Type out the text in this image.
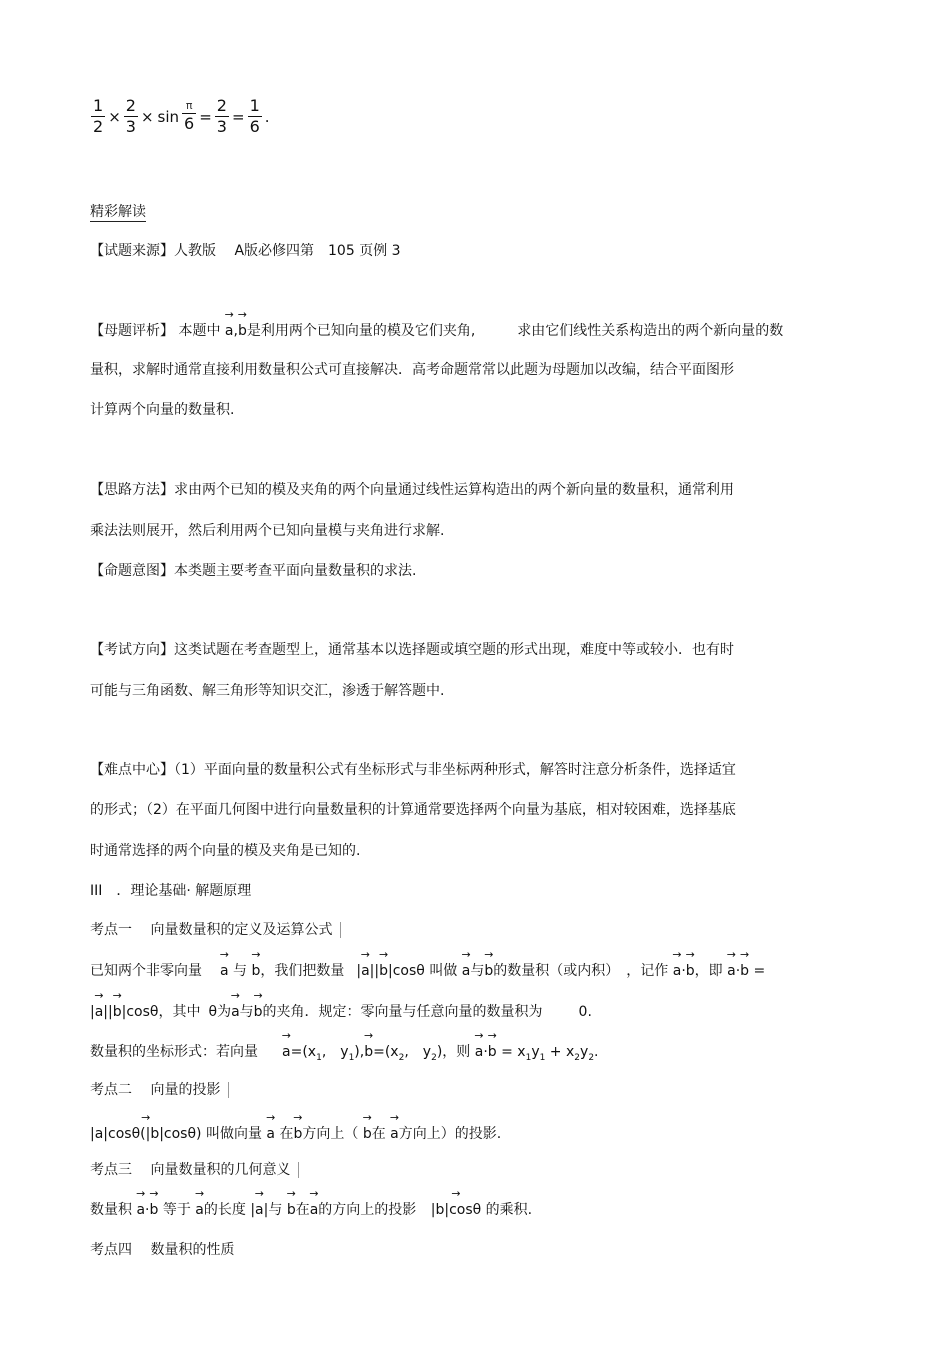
$\frac{1}{2} \times \frac{2}{3} \times \sin \frac{\pi}{6} = \frac{2}{3} = \frac{1}{6}$ .
精彩解读
【试题来源】人教版　 A版必修四第　105 页例 3
【母题评析】 本题中 → a,→ b是利用两个已知向量的模及它们夹角,　　　求由它们线性关系构造出的两个新向量的数
量积，求解时通常直接利用数量积公式可直接解决．高考命题常常以此题为母题加以改编，结合平面图形
计算两个向量的数量积.
【思路方法】求由两个已知的模及夹角的两个向量通过线性运算构造出的两个新向量的数量积，通常利用
乘法法则展开，然后利用两个已知向量模与夹角进行求解.
【命题意图】本类题主要考查平面向量数量积的求法.
【考试方向】这类试题在考查题型上，通常基本以选择题或填空题的形式出现，难度中等或较小．也有时
可能与三角函数、解三角形等知识交汇，渗透于解答题中.
【难点中心】（1）平面向量的数量积公式有坐标形式与非坐标两种形式，解答时注意分析条件，选择适宜
的形式；（2）在平面几何图中进行向量数量积的计算通常要选择两个向量为基底，相对较困难，选择基底
时通常选择的两个向量的模及夹角是已知的.
III　．理论基础· 解题原理
考点一　 向量数量积的定义及运算公式
已知两个非零向量 → a 与 → b，我们把数量 → |a|→ |b|cosθ 叫做 → a与→ b的数量积（或内积）　，记作 → a·→ b，即 → a·→ b =
→ |a|→ |b|cosθ，其中 θ为→ a与→ b的夹角．规定：零向量与任意向量的数量积为	0.
数量积的坐标形式：若向量 → $a=(x_1$,　$y_1),\to b=(x_2$,　$y_2$)，则 → $a\cdot\to b = x_1y_1 + x_2y_2$.
考点二　 向量的投影
→ |a|cosθ(|b|cosθ) 叫做向量 → a 在→ b方向上（ → b在 → a方向上）的投影.
考点三　 向量数量积的几何意义
数量积 → a·→ b 等于 → a的长度 → |a|与 → b在→ a的方向上的投影 → |b|cosθ 的乘积.
考点四　 数量积的性质
